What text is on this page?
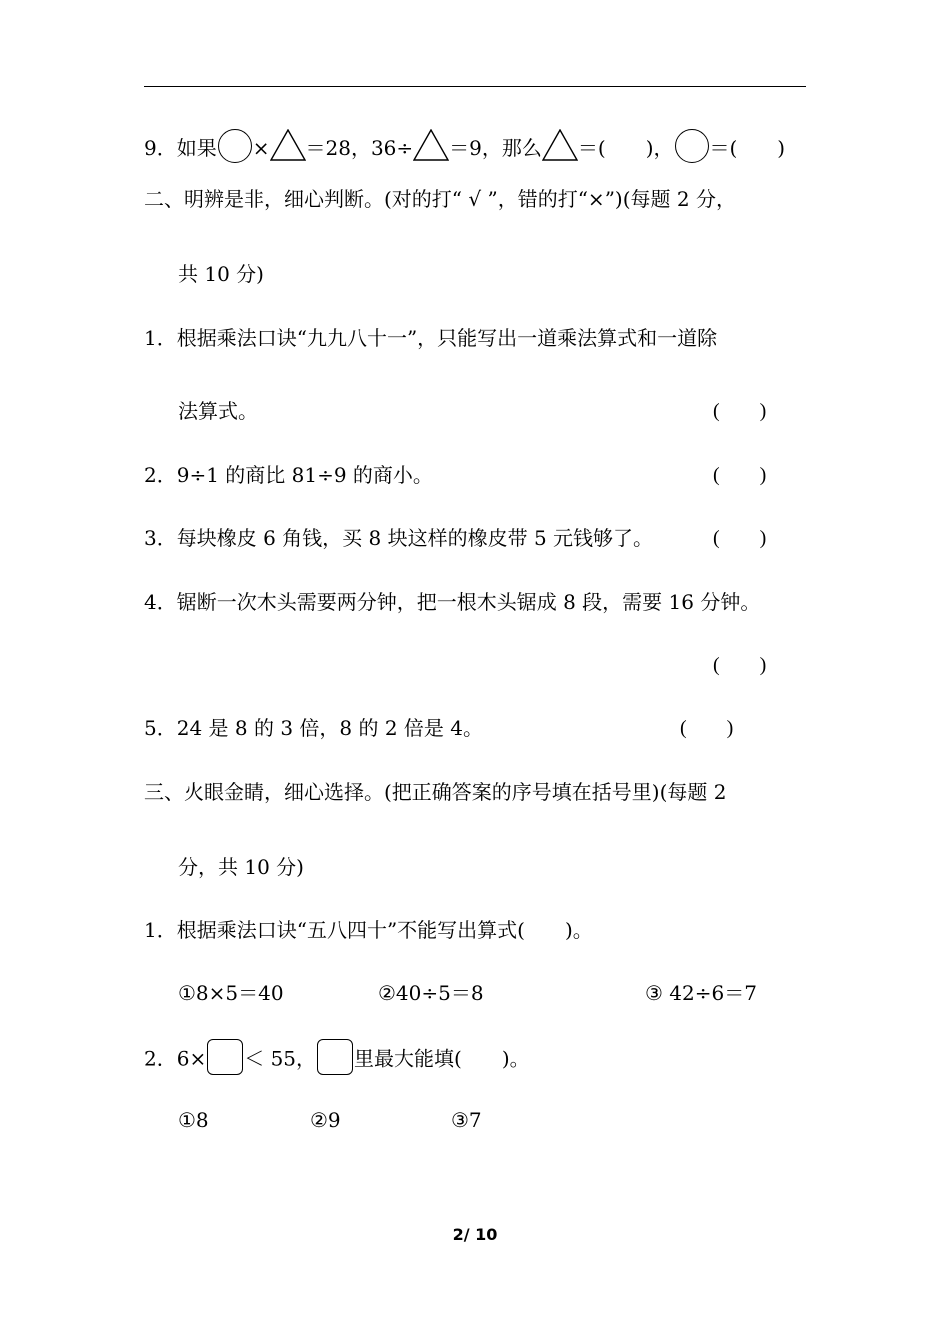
9．如果 × ＝28，36÷ ＝9，那么 ＝(　　)， ＝(　　)
二、明辨是非，细心判断。(对的打“ √ ”，错的打“×”)(每题 2 分，
共 10 分)
1．根据乘法口诀“九九八十一”，只能写出一道乘法算式和一道除
法算式。	(　　)
2．9÷1 的商比 81÷9 的商小。	(　　)
3．每块橡皮 6 角钱，买 8 块这样的橡皮带 5 元钱够了。	(　　)
4．锯断一次木头需要两分钟，把一根木头锯成 8 段，需要 16 分钟。
(　　)
5．24 是 8 的 3 倍，8 的 2 倍是 4。	(　　)
三、火眼金睛，细心选择。(把正确答案的序号填在括号里)(每题 2
分，共 10 分)
1．根据乘法口诀“五八四十”不能写出算式(　　)。
①8×5＝40	②40÷5＝8	③ 42÷6＝7
2．6× ＜ 55， 里最大能填(　　)。
①8	②9	③7
2/ 10
